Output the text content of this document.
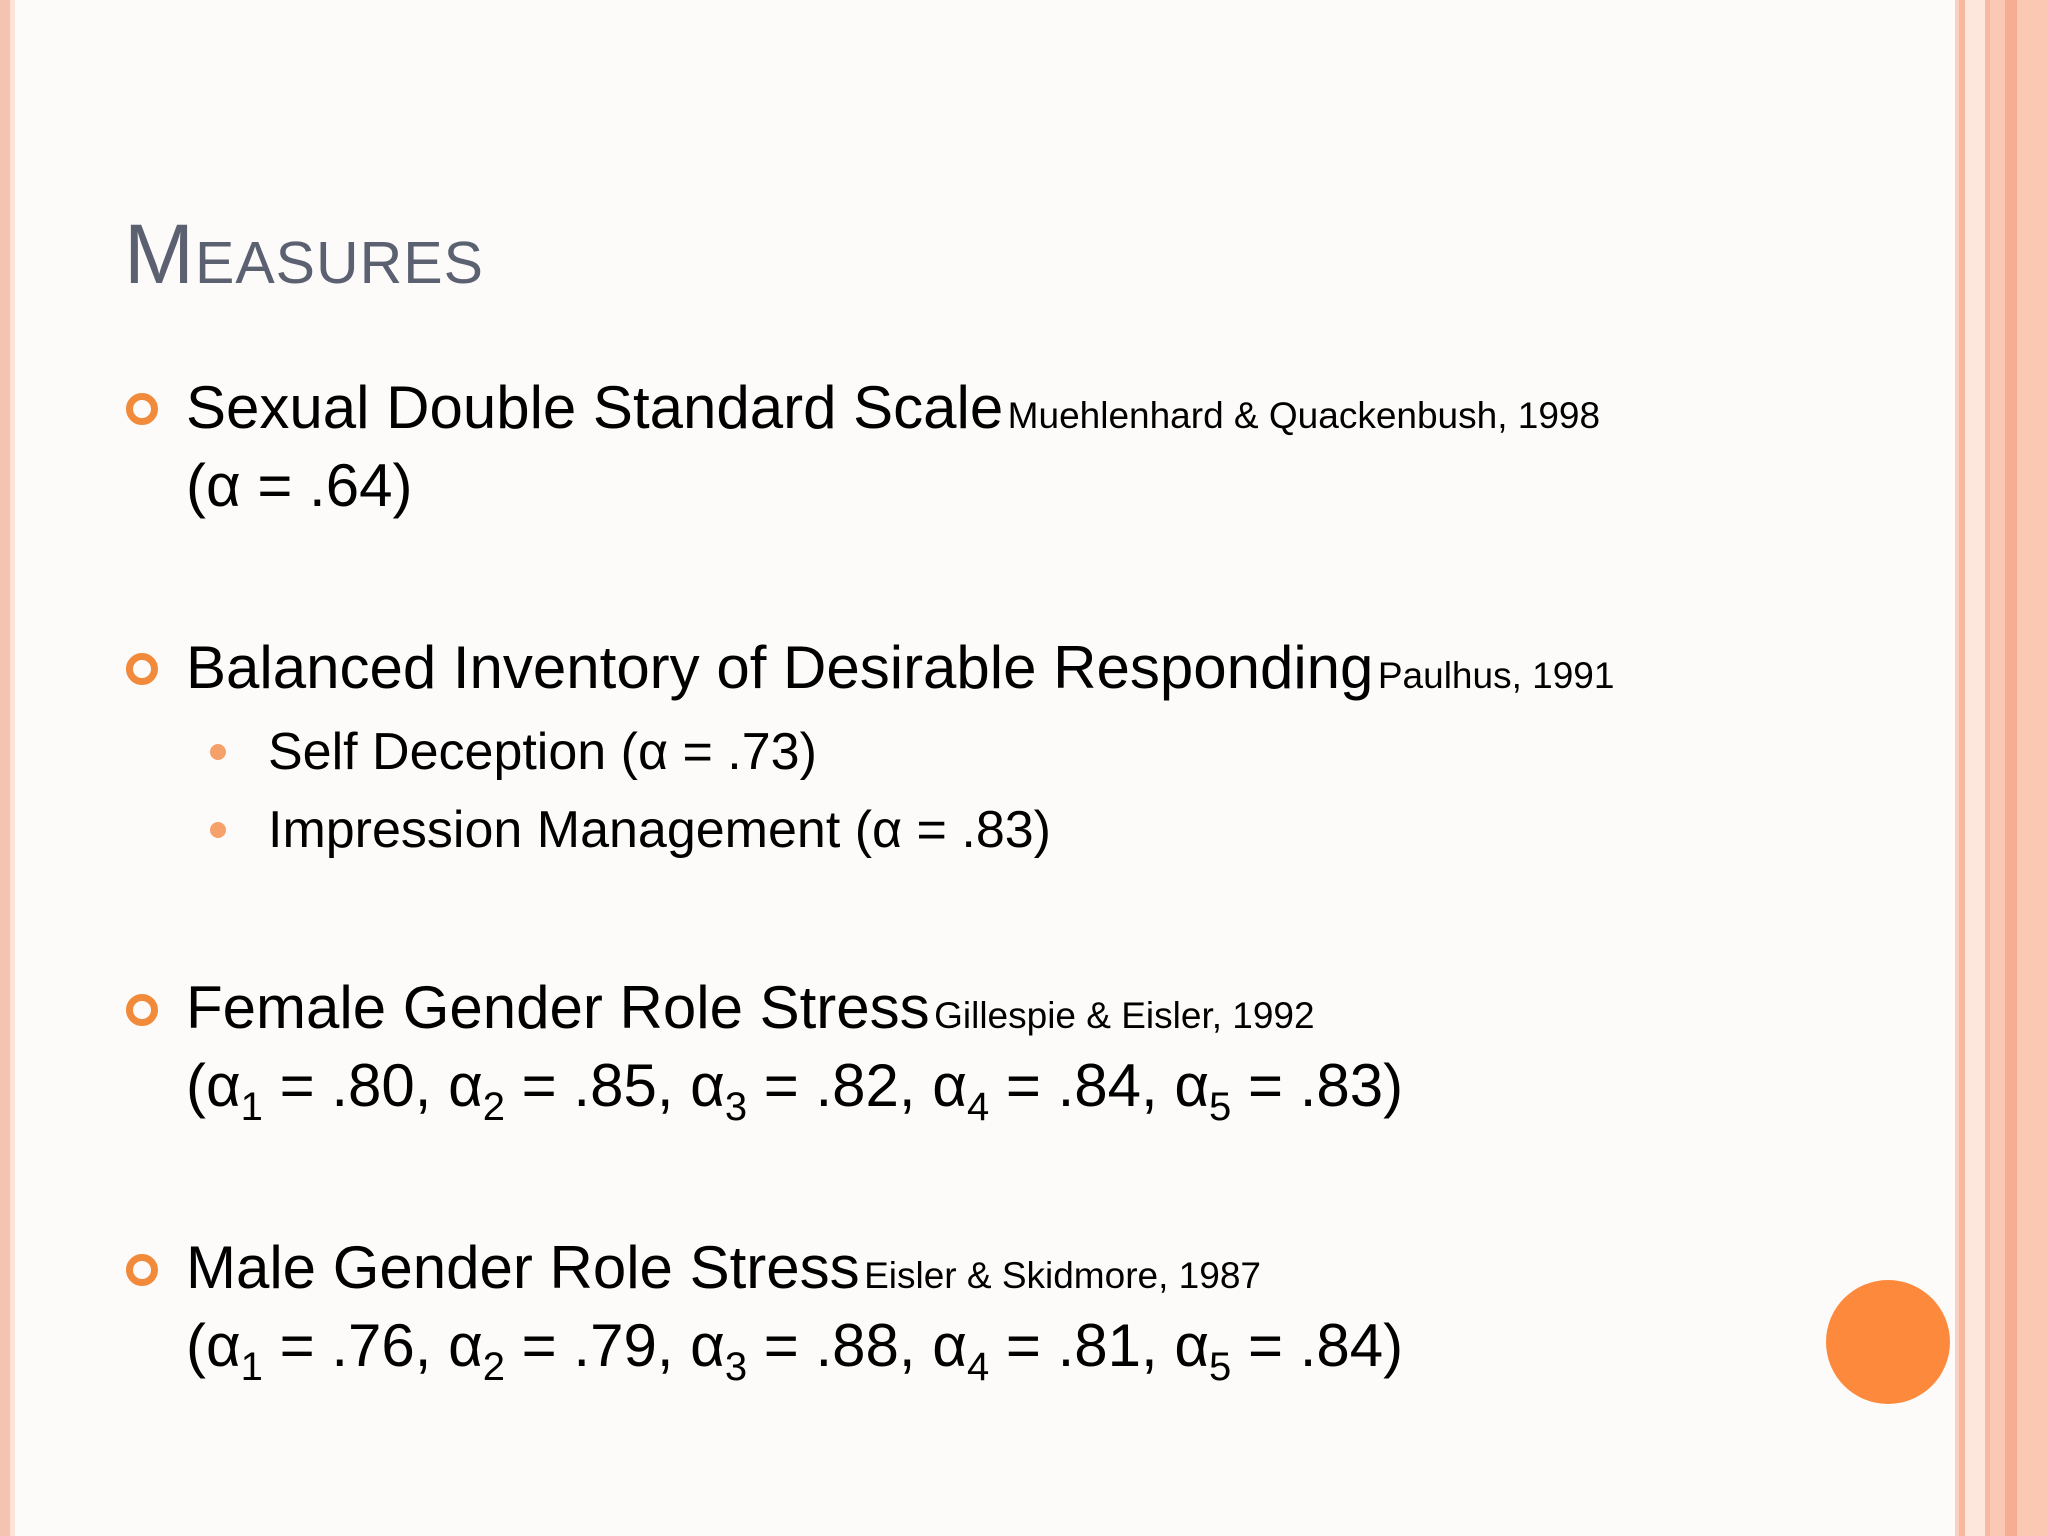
Measures
Sexual Double Standard Scale Muehlenhard & Quackenbush, 1998
(α = .64)
Balanced Inventory of Desirable Responding Paulhus, 1991
Self Deception (α = .73)
Impression Management (α = .83)
Female Gender Role Stress Gillespie & Eisler, 1992
($\alpha_1 = .80$, $\alpha_2 = .85$, $\alpha_3 = .82$, $\alpha_4 = .84$, $\alpha_5 = .83$)
Male Gender Role Stress Eisler & Skidmore, 1987
($\alpha_1 = .76$, $\alpha_2 = .79$, $\alpha_3 = .88$, $\alpha_4 = .81$, $\alpha_5 = .84$)
